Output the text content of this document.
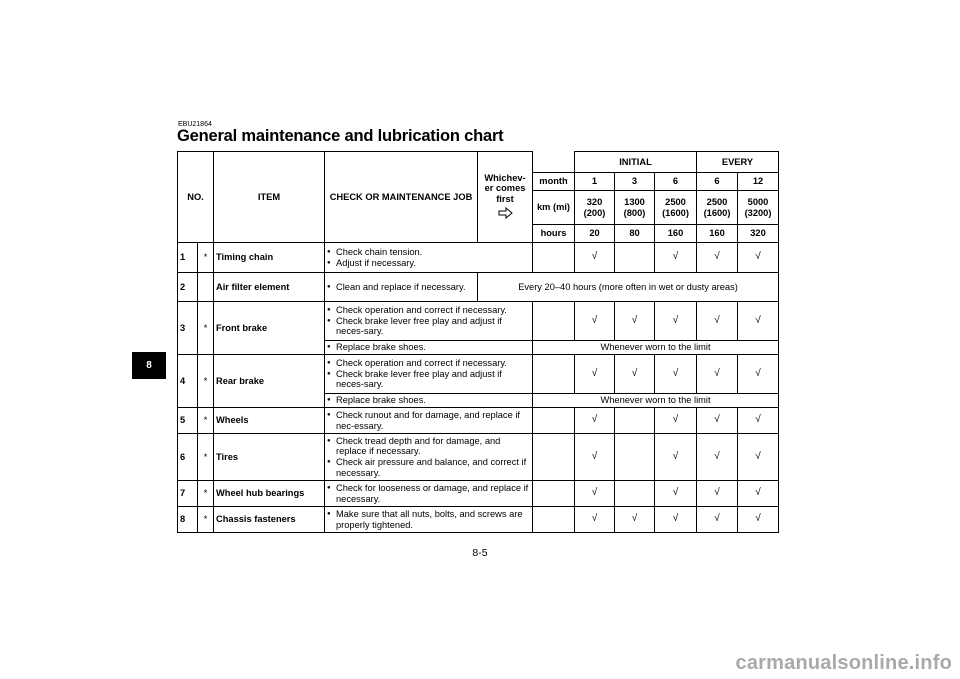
EBU21864
General maintenance and lubrication chart
8
NO.		ITEM	CHECK OR MAINTENANCE JOB	Whichev-er comes first		INITIAL			EVERY	
					month	1	3	6	6	12
					km (mi)	320 (200)	1300 (800)	2500 (1600)	2500 (1600)	5000 (3200)
					hours	20	80	160	160	320
1	*	Timing chain	● Check chain tension.
● Adjust if necessary.			√		√	√	√
2		Air filter element	● Clean and replace if necessary.	Every 20–40 hours (more often in wet or dusty areas)						
3	*	Front brake	● Check operation and correct if necessary.
● Check brake lever free play and adjust if neces-sary.			√	√	√	√	√

			● Replace brake shoes.		Whenever worn to the limit					
4	*	Rear brake	● Check operation and correct if necessary.
● Check brake lever free play and adjust if neces-sary.			√	√	√	√	√

			● Replace brake shoes.		Whenever worn to the limit					
5	*	Wheels	● Check runout and for damage, and replace if nec-essary.			√		√	√	√
6	*	Tires	● Check tread depth and for damage, and replace if necessary.
● Check air pressure and balance, and correct if necessary.			√		√	√	√
7	*	Wheel hub bearings	● Check for looseness or damage, and replace if necessary.			√		√	√	√
8	*	Chassis fasteners	● Make sure that all nuts, bolts, and screws are properly tightened.			√	√	√	√	√
8-5
carmanualsonline.info
